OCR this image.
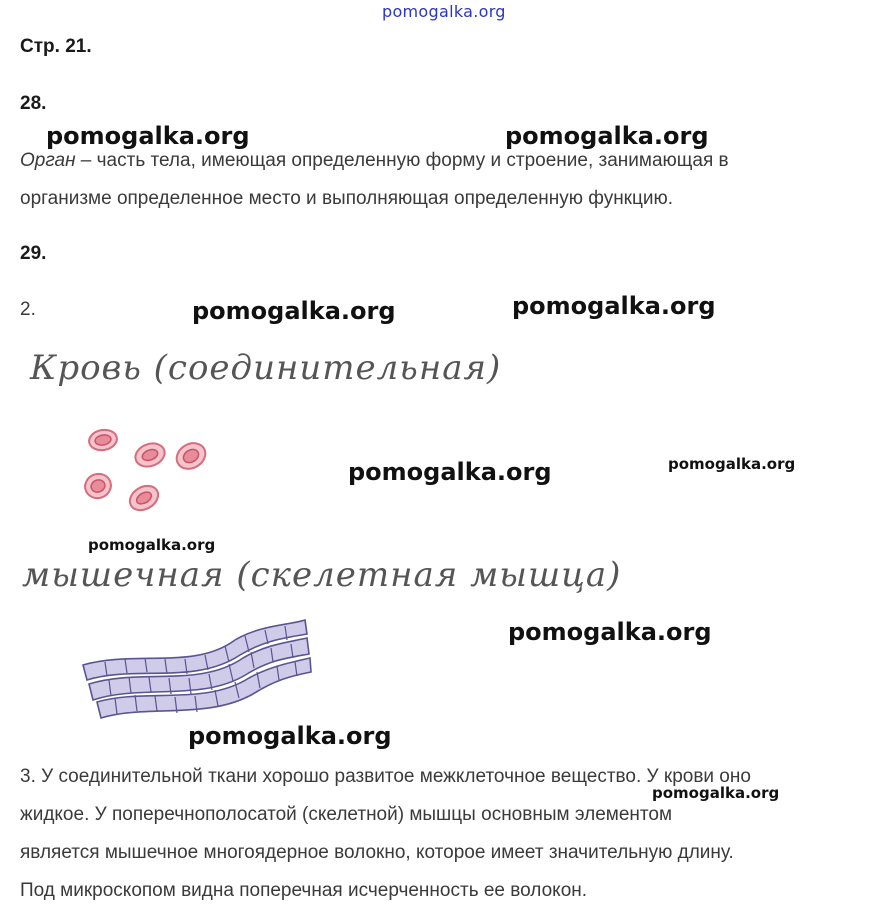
pomogalka.org
Стр. 21.
28.
pomogalka.org	pomogalka.org
Орган – часть тела, имеющая определенную форму и строение, занимающая в
организме определенное место и выполняющая определенную функцию.
29.
2.	pomogalka.org	pomogalka.org
Кровь (соединительная)
pomogalka.org	pomogalka.org
pomogalka.org
мышечная (скелетная мышца)
pomogalka.org
pomogalka.org
3. У соединительной ткани хорошо развитое межклеточное вещество. У крови оно
жидкое. У поперечнополосатой (скелетной) мышцы основным элементом
является мышечное многоядерное волокно, которое имеет значительную длину.
Под микроскопом видна поперечная исчерченность ее волокон.
pomogalka.org
